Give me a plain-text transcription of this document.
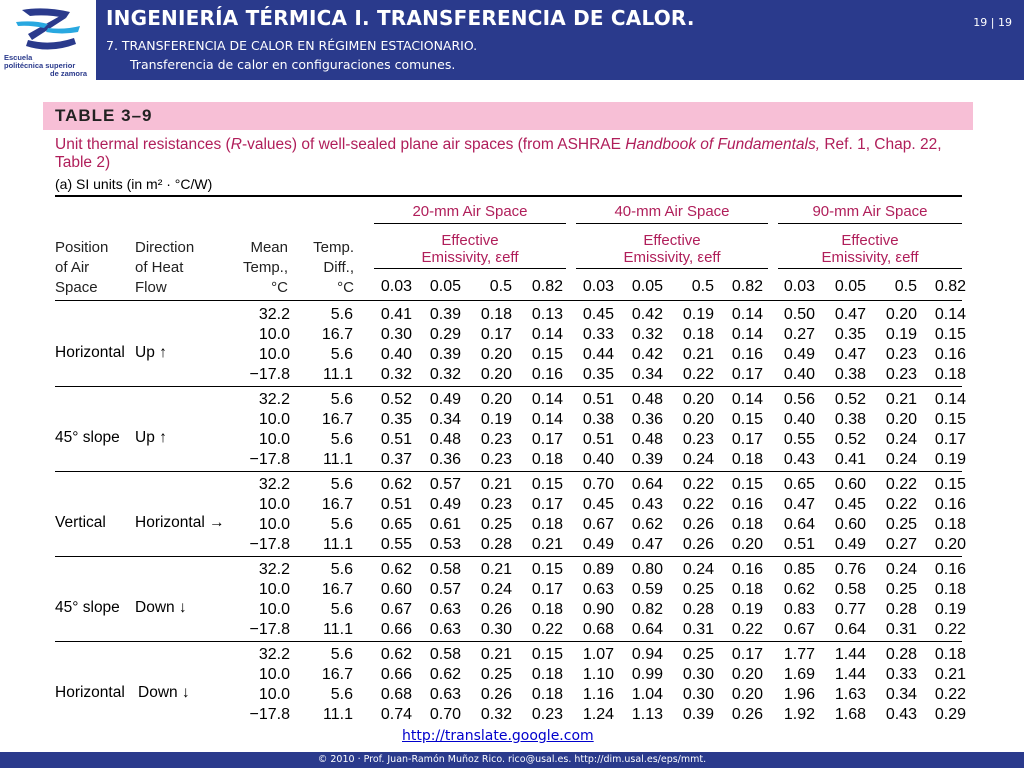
Escuela
politécnica superior
de zamora
INGENIERÍA TÉRMICA I. TRANSFERENCIA DE CALOR.
7. TRANSFERENCIA DE CALOR EN RÉGIMEN ESTACIONARIO.
Transferencia de calor en configuraciones comunes.
19 | 19
TABLE 3–9
Unit thermal resistances (R-values) of well-sealed plane air spaces (from ASHRAE Handbook of Fundamentals, Ref. 1, Chap. 22, Table 2)
(a) SI units (in m² · °C/W)
20-mm Air Space	40-mm Air Space	90-mm Air Space
Effective
Emissivity, εeff
Effective
Emissivity, εeff
Effective
Emissivity, εeff
Position
of Air
Space
Direction
of Heat
Flow
Mean
Temp.,
°C
Temp.
Diff.,
°C	0.03	0.05	0.5	0.82	0.03	0.05	0.5	0.82	0.03	0.05	0.5	0.82
Horizontal Up ↑
32.2	5.6	0.41	0.39	0.18	0.13	0.45	0.42	0.19	0.14	0.50	0.47	0.20	0.14
10.0	16.7	0.30	0.29	0.17	0.14	0.33	0.32	0.18	0.14	0.27	0.35	0.19	0.15
10.0	5.6	0.40	0.39	0.20	0.15	0.44	0.42	0.21	0.16	0.49	0.47	0.23	0.16
−17.8	11.1	0.32	0.32	0.20	0.16	0.35	0.34	0.22	0.17	0.40	0.38	0.23	0.18
45° slope Up ↑
32.2	5.6	0.52	0.49	0.20	0.14	0.51	0.48	0.20	0.14	0.56	0.52	0.21	0.14
10.0	16.7	0.35	0.34	0.19	0.14	0.38	0.36	0.20	0.15	0.40	0.38	0.20	0.15
10.0	5.6	0.51	0.48	0.23	0.17	0.51	0.48	0.23	0.17	0.55	0.52	0.24	0.17
−17.8	11.1	0.37	0.36	0.23	0.18	0.40	0.39	0.24	0.18	0.43	0.41	0.24	0.19
Vertical Horizontal →
32.2	5.6	0.62	0.57	0.21	0.15	0.70	0.64	0.22	0.15	0.65	0.60	0.22	0.15
10.0	16.7	0.51	0.49	0.23	0.17	0.45	0.43	0.22	0.16	0.47	0.45	0.22	0.16
10.0	5.6	0.65	0.61	0.25	0.18	0.67	0.62	0.26	0.18	0.64	0.60	0.25	0.18
−17.8	11.1	0.55	0.53	0.28	0.21	0.49	0.47	0.26	0.20	0.51	0.49	0.27	0.20
45° slope Down ↓
32.2	5.6	0.62	0.58	0.21	0.15	0.89	0.80	0.24	0.16	0.85	0.76	0.24	0.16
10.0	16.7	0.60	0.57	0.24	0.17	0.63	0.59	0.25	0.18	0.62	0.58	0.25	0.18
10.0	5.6	0.67	0.63	0.26	0.18	0.90	0.82	0.28	0.19	0.83	0.77	0.28	0.19
−17.8	11.1	0.66	0.63	0.30	0.22	0.68	0.64	0.31	0.22	0.67	0.64	0.31	0.22
Horizontal Down ↓
32.2	5.6	0.62	0.58	0.21	0.15	1.07	0.94	0.25	0.17	1.77	1.44	0.28	0.18
10.0	16.7	0.66	0.62	0.25	0.18	1.10	0.99	0.30	0.20	1.69	1.44	0.33	0.21
10.0	5.6	0.68	0.63	0.26	0.18	1.16	1.04	0.30	0.20	1.96	1.63	0.34	0.22
−17.8	11.1	0.74	0.70	0.32	0.23	1.24	1.13	0.39	0.26	1.92	1.68	0.43	0.29
http://translate.google.com
© 2010 · Prof. Juan-Ramón Muñoz Rico. rico@usal.es. http://dim.usal.es/eps/mmt.
